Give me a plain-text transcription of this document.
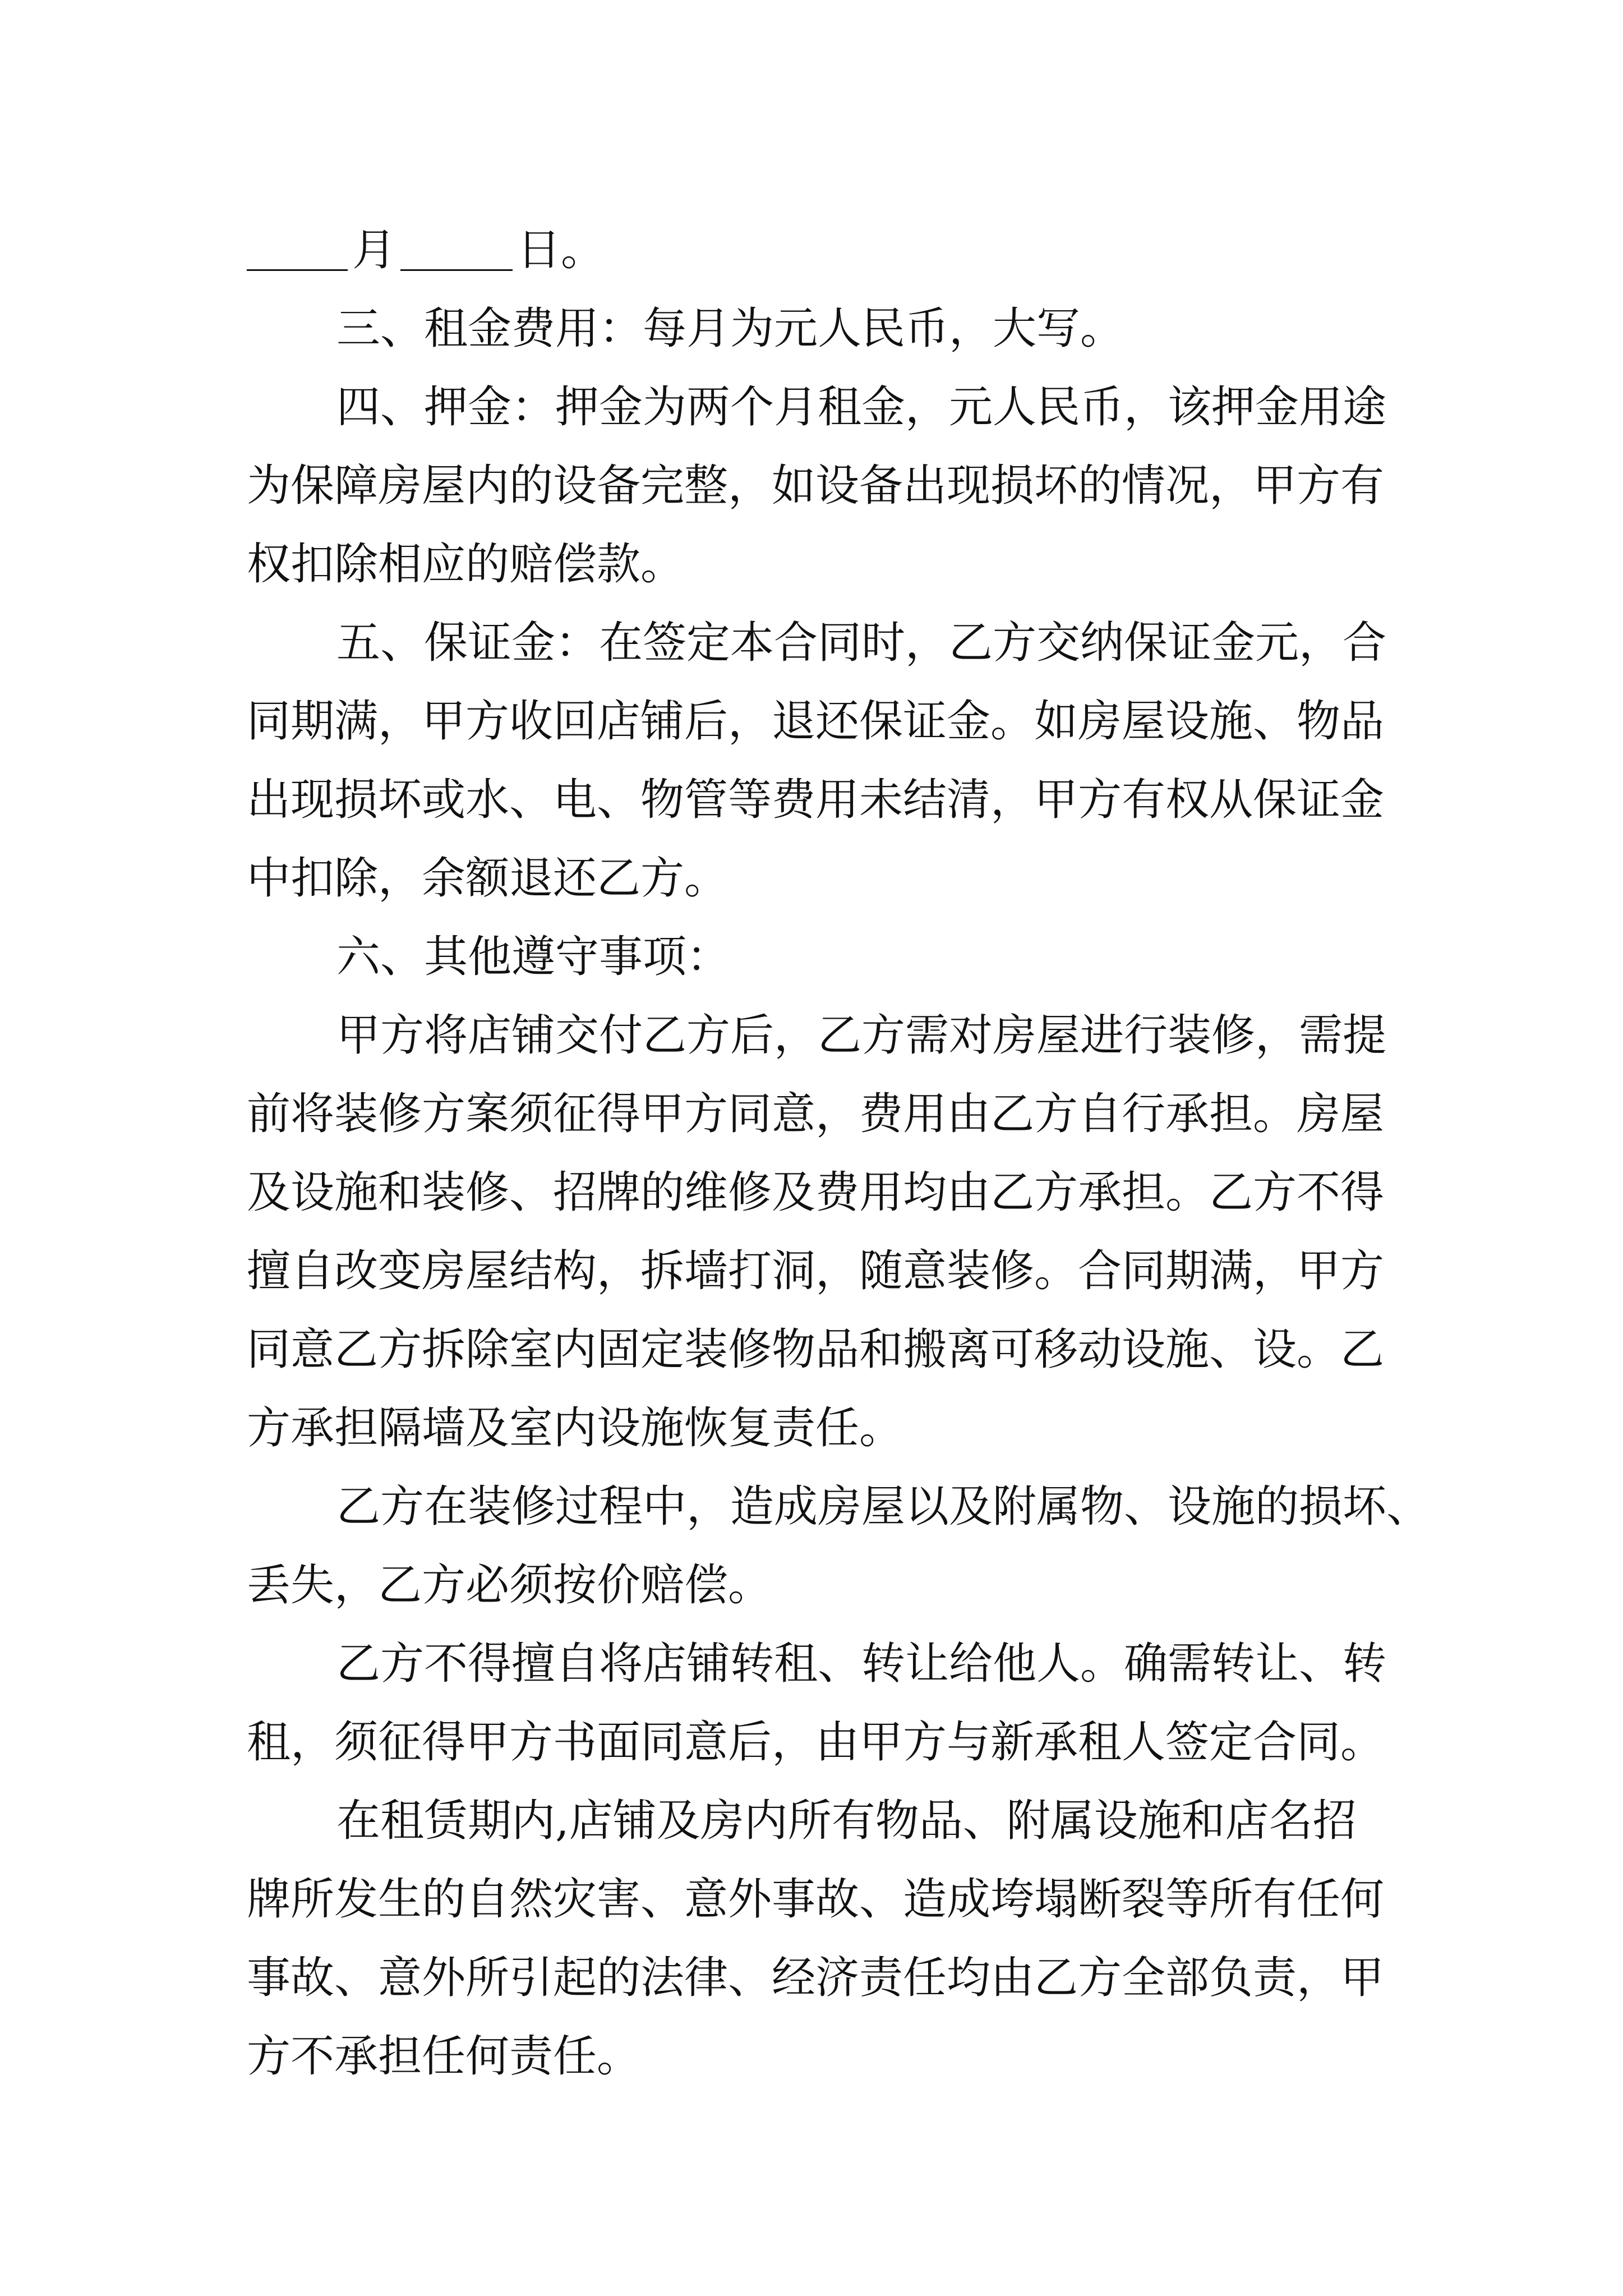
月	日。
三、租金费用：每月为元人民币，大写。
四、押金：押金为两个月租金，元人民币，该押金用途
为保障房屋内的设备完整，如设备出现损坏的情况，甲方有
权扣除相应的赔偿款。
五、保证金：在签定本合同时，乙方交纳保证金元，合
同期满，甲方收回店铺后，退还保证金。如房屋设施、物品
出现损坏或水、电、物管等费用未结清，甲方有权从保证金
中扣除，余额退还乙方。
六、其他遵守事项：
甲方将店铺交付乙方后，乙方需对房屋进行装修，需提
前将装修方案须征得甲方同意，费用由乙方自行承担。房屋
及设施和装修、招牌的维修及费用均由乙方承担。乙方不得
擅自改变房屋结构，拆墙打洞，随意装修。合同期满，甲方
同意乙方拆除室内固定装修物品和搬离可移动设施、设。乙
方承担隔墙及室内设施恢复责任。
乙方在装修过程中，造成房屋以及附属物、设施的损坏、
丢失，乙方必须按价赔偿。
乙方不得擅自将店铺转租、转让给他人。确需转让、转
租，须征得甲方书面同意后，由甲方与新承租人签定合同。
在租赁期内,店铺及房内所有物品、附属设施和店名招
牌所发生的自然灾害、意外事故、造成垮塌断裂等所有任何
事故、意外所引起的法律、经济责任均由乙方全部负责，甲
方不承担任何责任。
